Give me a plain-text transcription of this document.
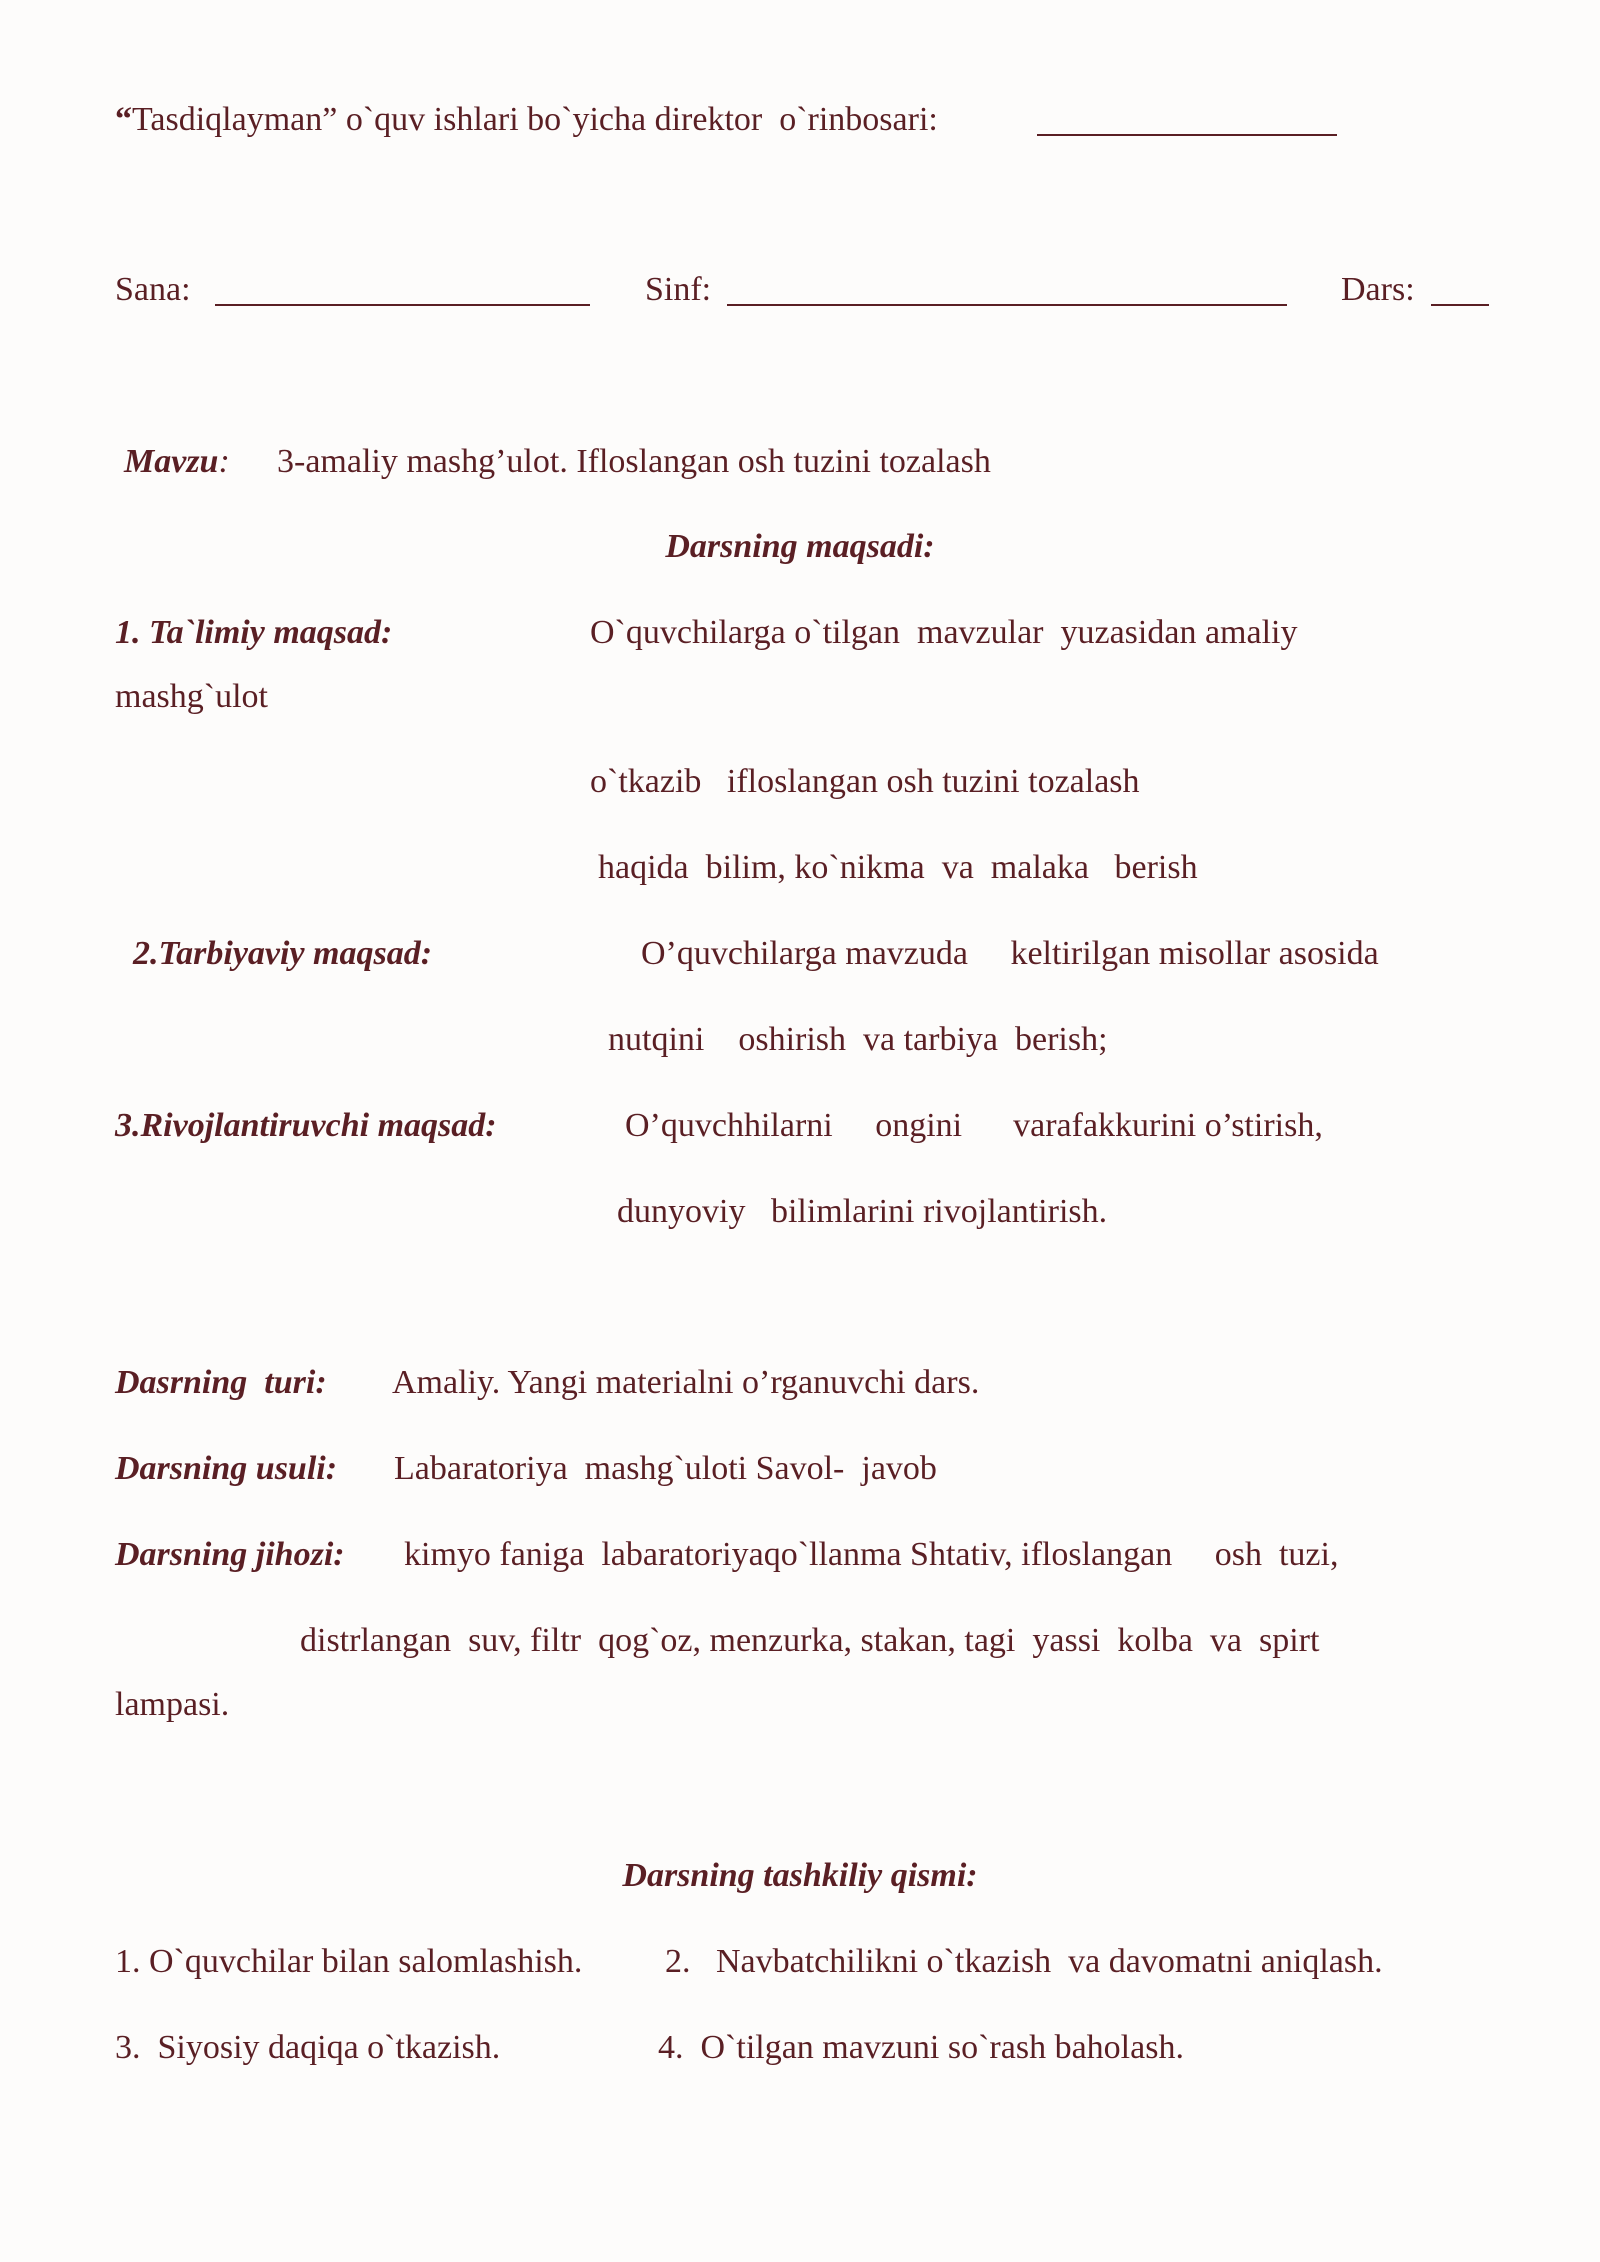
“Tasdiqlayman” o`quv ishlari bo`yicha direktor  o`rinbosari:
Sana:	Sinf:	Dars:
Mavzu: 3-amaliy mashg’ulot. Ifloslangan osh tuzini tozalash
Darsning maqsadi:
1. Ta`limiy maqsad:	O`quvchilarga o`tilgan  mavzular  yuzasidan amaliy
mashg`ulot
o`tkazib   ifloslangan osh tuzini tozalash
haqida  bilim, ko`nikma  va  malaka   berish
2.Tarbiyaviy maqsad:	O’quvchilarga mavzuda     keltirilgan misollar asosida
nutqini    oshirish  va tarbiya  berish;
3.Rivojlantiruvchi maqsad:	O’quvchhilarni     ongini      varafakkurini o’stirish,
dunyoviy   bilimlarini rivojlantirish.
Dasrning  turi: Amaliy. Yangi materialni o’rganuvchi dars.
Darsning usuli: Labaratoriya  mashg`uloti Savol-  javob
Darsning jihozi: kimyo faniga  labaratoriyaqo`llanma Shtativ, ifloslangan     osh  tuzi,
distrlangan  suv, filtr  qog`oz, menzurka, stakan, tagi  yassi  kolba  va  spirt
lampasi.
Darsning tashkiliy qismi:
1. O`quvchilar bilan salomlashish. 2.   Navbatchilikni o`tkazish  va davomatni aniqlash.
3.  Siyosiy daqiqa o`tkazish.	4.  O`tilgan mavzuni so`rash baholash.
